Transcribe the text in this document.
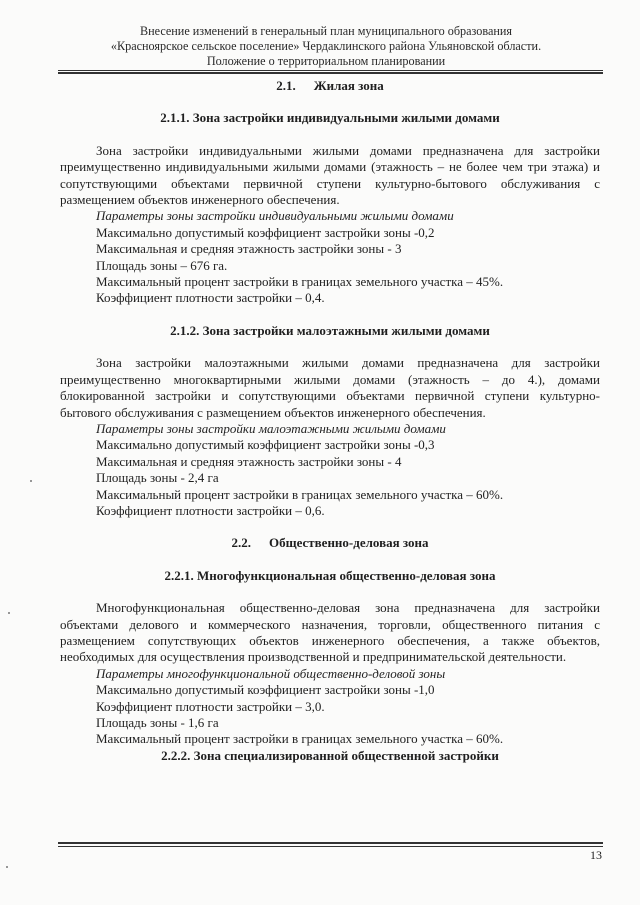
Внесение изменений в генеральный план муниципального образования
«Красноярское сельское поселение» Чердаклинского района Ульяновской области.
Положение о территориальном планировании
2.1. Жилая зона
2.1.1. Зона застройки индивидуальными жилыми домами

Зона застройки индивидуальными жилыми домами предназначена для застройки преимущественно индивидуальными жилыми домами (этажность – не более чем три этажа) и сопутствующими объектами первичной ступени культурно-бытового обслуживания с размещением объектов инженерного обеспечения.

Параметры зоны застройки индивидуальными жилыми домами

Максимально допустимый коэффициент застройки зоны -0,2

Максимальная и средняя этажность застройки зоны - 3

Площадь зоны – 676 га.

Максимальный процент застройки в границах земельного участка – 45%.

Коэффициент плотности застройки – 0,4.

2.1.2. Зона застройки малоэтажными жилыми домами

Зона застройки малоэтажными жилыми домами предназначена для застройки преимущественно многоквартирными жилыми домами (этажность – до 4.), домами блокированной застройки и сопутствующими объектами первичной ступени культурно-бытового обслуживания с размещением объектов инженерного обеспечения.

Параметры зоны застройки малоэтажными жилыми домами

Максимально допустимый коэффициент застройки зоны -0,3

Максимальная и средняя этажность застройки зоны - 4

Площадь зоны - 2,4 га

Максимальный процент застройки в границах земельного участка – 60%.

Коэффициент плотности застройки – 0,6.

2.2. Общественно-деловая зона
2.2.1. Многофункциональная общественно-деловая зона

Многофункциональная общественно-деловая зона предназначена для застройки объектами делового и коммерческого назначения, торговли, общественного питания с размещением сопутствующих объектов инженерного обеспечения, а также объектов, необходимых для осуществления производственной и предпринимательской деятельности.

Параметры многофункциональной общественно-деловой зоны

Максимально допустимый коэффициент застройки зоны -1,0

Коэффициент плотности застройки – 3,0.

Площадь зоны - 1,6 га

Максимальный процент застройки в границах земельного участка – 60%.

2.2.2. Зона специализированной общественной застройки
13
